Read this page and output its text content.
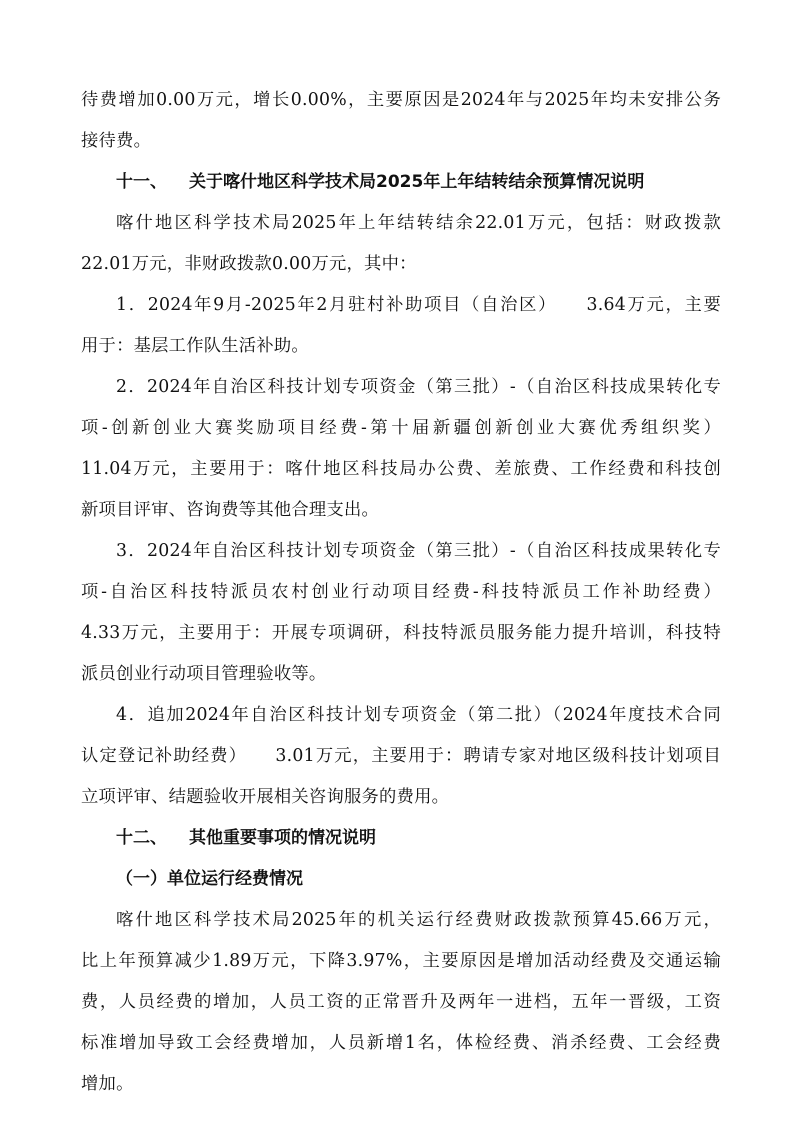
待费增加0.00万元，增长0.00%，主要原因是2024年与2025年均未安排公务
接待费。
十一、 关于喀什地区科学技术局2025年上年结转结余预算情况说明
喀什地区科学技术局2025年上年结转结余22.01万元，包括：财政拨款
22.01万元，非财政拨款0.00万元，其中：
1．2024年9月-2025年2月驻村补助项目（自治区）　　3.64万元，主要
用于：基层工作队生活补助。
2．2024年自治区科技计划专项资金（第三批）-（自治区科技成果转化专
项-创新创业大赛奖励项目经费-第十届新疆创新创业大赛优秀组织奖）
11.04万元，主要用于：喀什地区科技局办公费、差旅费、工作经费和科技创
新项目评审、咨询费等其他合理支出。
3．2024年自治区科技计划专项资金（第三批）-（自治区科技成果转化专
项-自治区科技特派员农村创业行动项目经费-科技特派员工作补助经费）
4.33万元，主要用于：开展专项调研，科技特派员服务能力提升培训，科技特
派员创业行动项目管理验收等。
4．追加2024年自治区科技计划专项资金（第二批）（2024年度技术合同
认定登记补助经费）　　3.01万元，主要用于：聘请专家对地区级科技计划项目
立项评审、结题验收开展相关咨询服务的费用。
十二、 其他重要事项的情况说明
（一）单位运行经费情况
喀什地区科学技术局2025年的机关运行经费财政拨款预算45.66万元，
比上年预算减少1.89万元，下降3.97%，主要原因是增加活动经费及交通运输
费，人员经费的增加，人员工资的正常晋升及两年一进档，五年一晋级，工资
标准增加导致工会经费增加，人员新增1名，体检经费、消杀经费、工会经费
增加。
